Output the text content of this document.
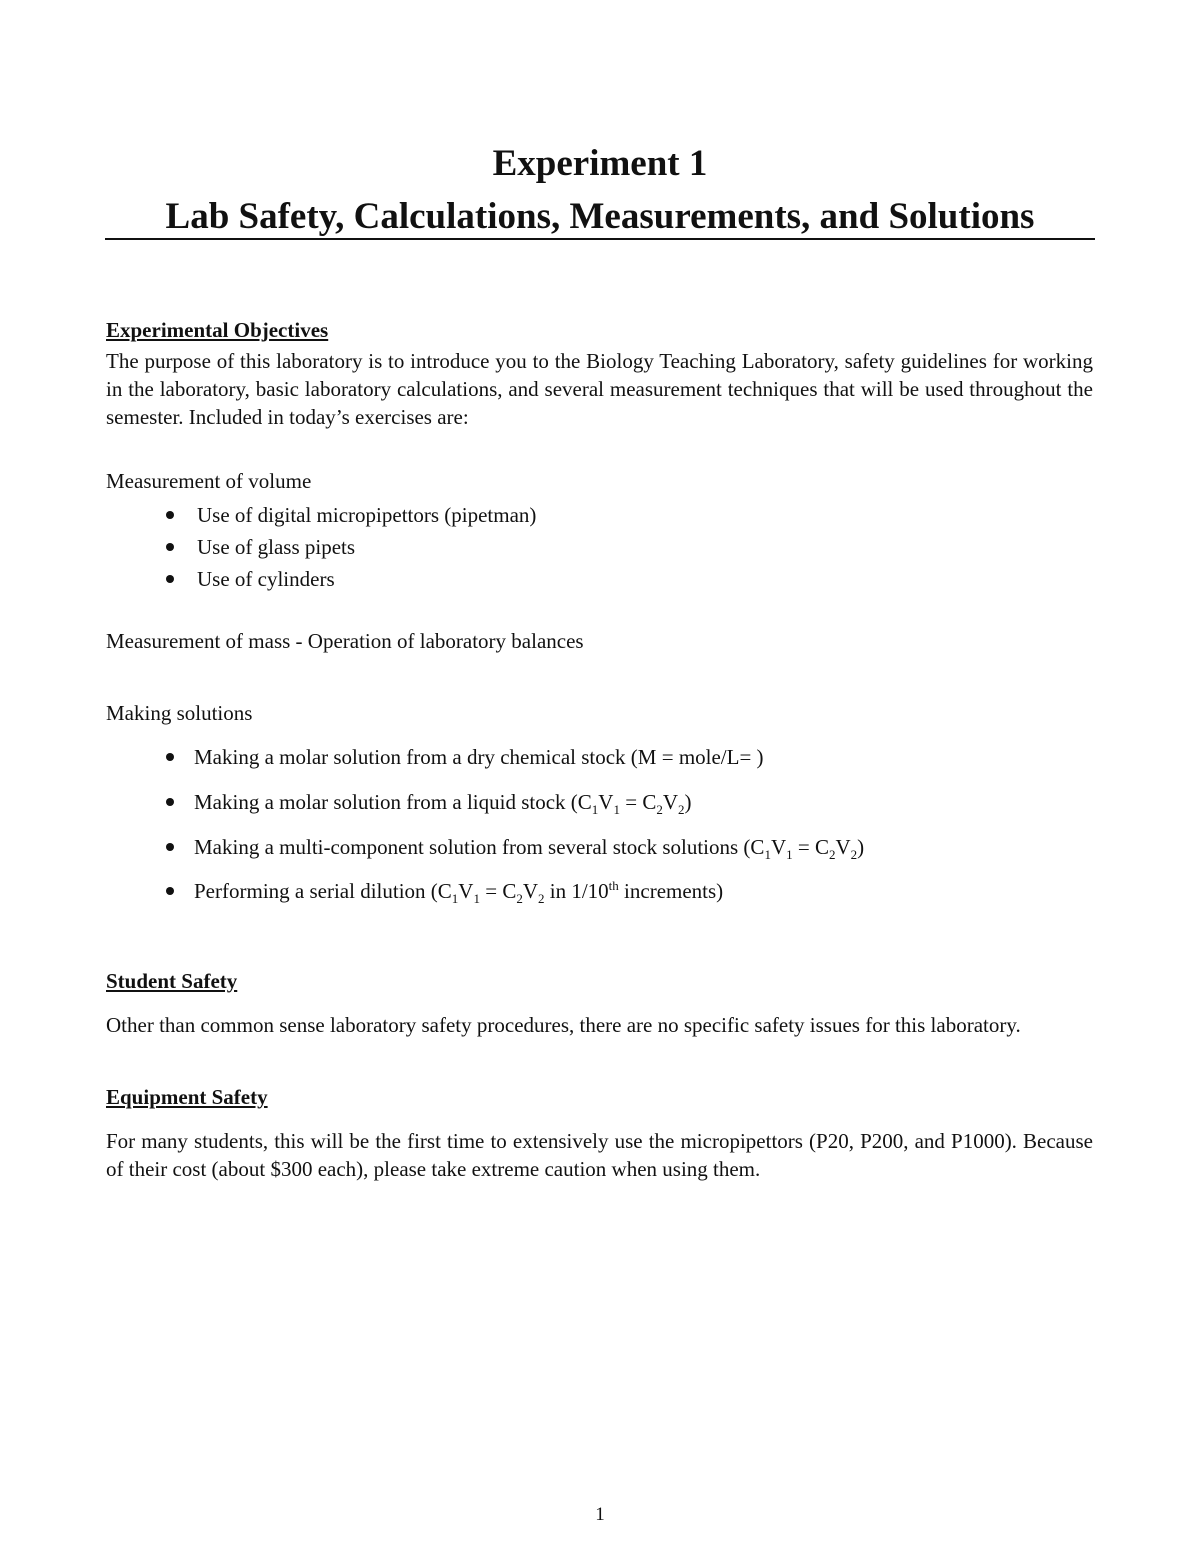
Experiment 1
Lab Safety, Calculations, Measurements, and Solutions
Experimental Objectives

The purpose of this laboratory is to introduce you to the Biology Teaching Laboratory, safety guidelines for working in the laboratory, basic laboratory calculations, and several measurement techniques that will be used throughout the semester. Included in today’s exercises are:

Measurement of volume
Use of digital micropipettors (pipetman)
Use of glass pipets
Use of cylinders
Measurement of mass - Operation of laboratory balances
Making solutions
Making a molar solution from a dry chemical stock (M = mole/L= )
Making a molar solution from a liquid stock $(C_1V_1 = C_2V_2)$
Making a multi-component solution from several stock solutions $(C_1V_1 = C_2V_2)$
Performing a serial dilution ($C_1V_1 = C_2V_2$ in 1/10th increments)
Student Safety

Other than common sense laboratory safety procedures, there are no specific safety issues for this laboratory.

Equipment Safety

For many students, this will be the first time to extensively use the micropipettors (P20, P200, and P1000). Because of their cost (about $300 each), please take extreme caution when using them.

1
